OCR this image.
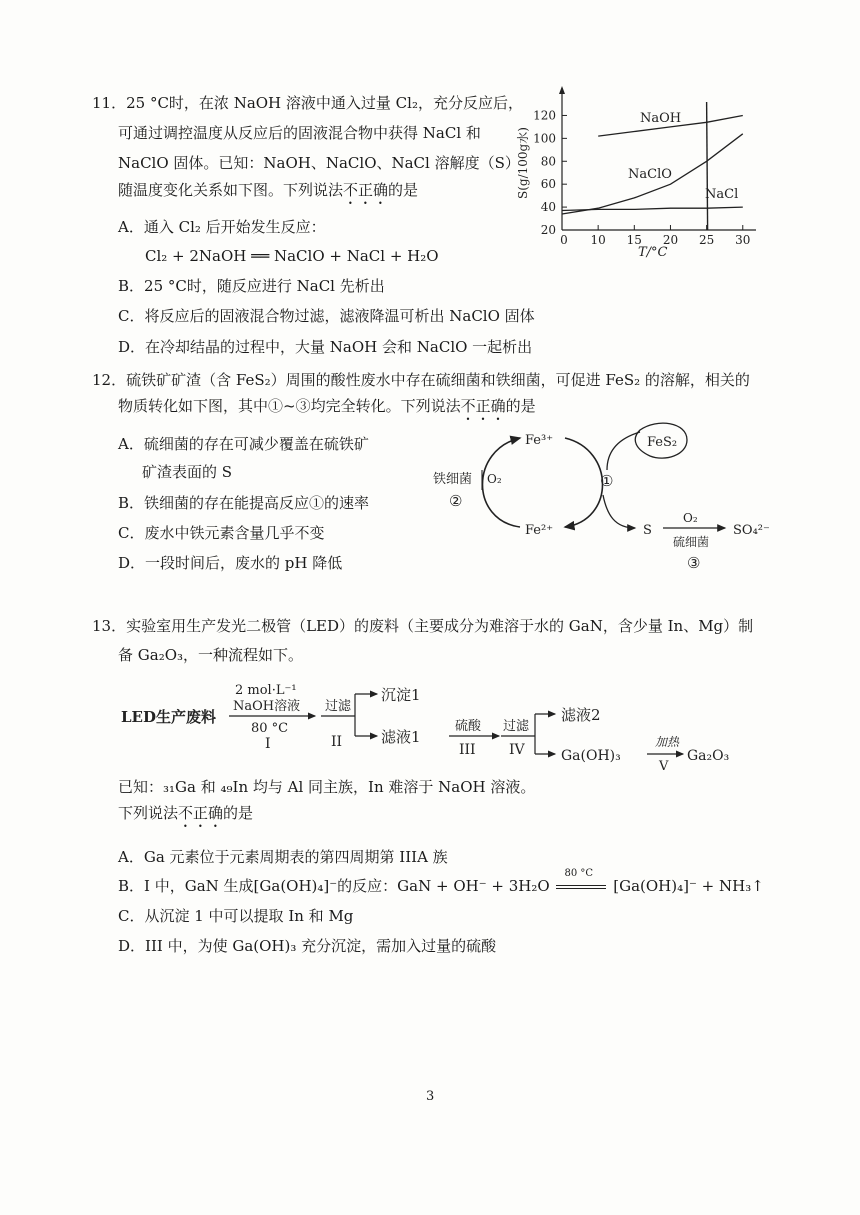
11．25 °C时，在浓 NaOH 溶液中通入过量 Cl₂，充分反应后，
可通过调控温度从反应后的固液混合物中获得 NaCl 和
NaClO 固体。已知：NaOH、NaClO、NaCl 溶解度（S）
随温度变化关系如下图。下列说法不正确的是
A．通入 Cl₂ 后开始发生反应：
Cl₂ + 2NaOH ══ NaClO + NaCl + H₂O
B．25 °C时，随反应进行 NaCl 先析出
C．将反应后的固液混合物过滤，滤液降温可析出 NaClO 固体
D．在冷却结晶的过程中，大量 NaOH 会和 NaClO 一起析出
20
40
60
80
100
120
0 10 15 20 25 30
S(g/100g水)
T/°C
NaOH
NaClO
NaCl
12．硫铁矿矿渣（含 FeS₂）周围的酸性废水中存在硫细菌和铁细菌，可促进 FeS₂ 的溶解，相关的
物质转化如下图，其中①~③均完全转化。下列说法不正确的是
A．硫细菌的存在可减少覆盖在硫铁矿
矿渣表面的 S
B．铁细菌的存在能提高反应①的速率
C．废水中铁元素含量几乎不变
D．一段时间后，废水的 pH 降低
Fe³⁺
Fe²⁺
FeS₂
铁细菌 O₂
②
①
S
O₂
硫细菌
SO₄²⁻
③
13．实验室用生产发光二极管（LED）的废料（主要成分为难溶于水的 GaN，含少量 In、Mg）制
备 Ga₂O₃，一种流程如下。
LED生产废料
2 mol·L⁻¹
NaOH溶液
80 °C
I
过滤
II
沉淀1
滤液1
硫酸
III
过滤
IV
滤液2
Ga(OH)₃
加热
V
Ga₂O₃
已知：₃₁Ga 和 ₄₉In 均与 Al 同主族，In 难溶于 NaOH 溶液。
下列说法不正确的是
A．Ga 元素位于元素周期表的第四周期第 IIIA 族
B．I 中，GaN 生成[Ga(OH)₄]⁻的反应：GaN + OH⁻ + 3H₂O
80 °C
[Ga(OH)₄]⁻ + NH₃↑
C．从沉淀 1 中可以提取 In 和 Mg
D．III 中，为使 Ga(OH)₃ 充分沉淀，需加入过量的硫酸
3
